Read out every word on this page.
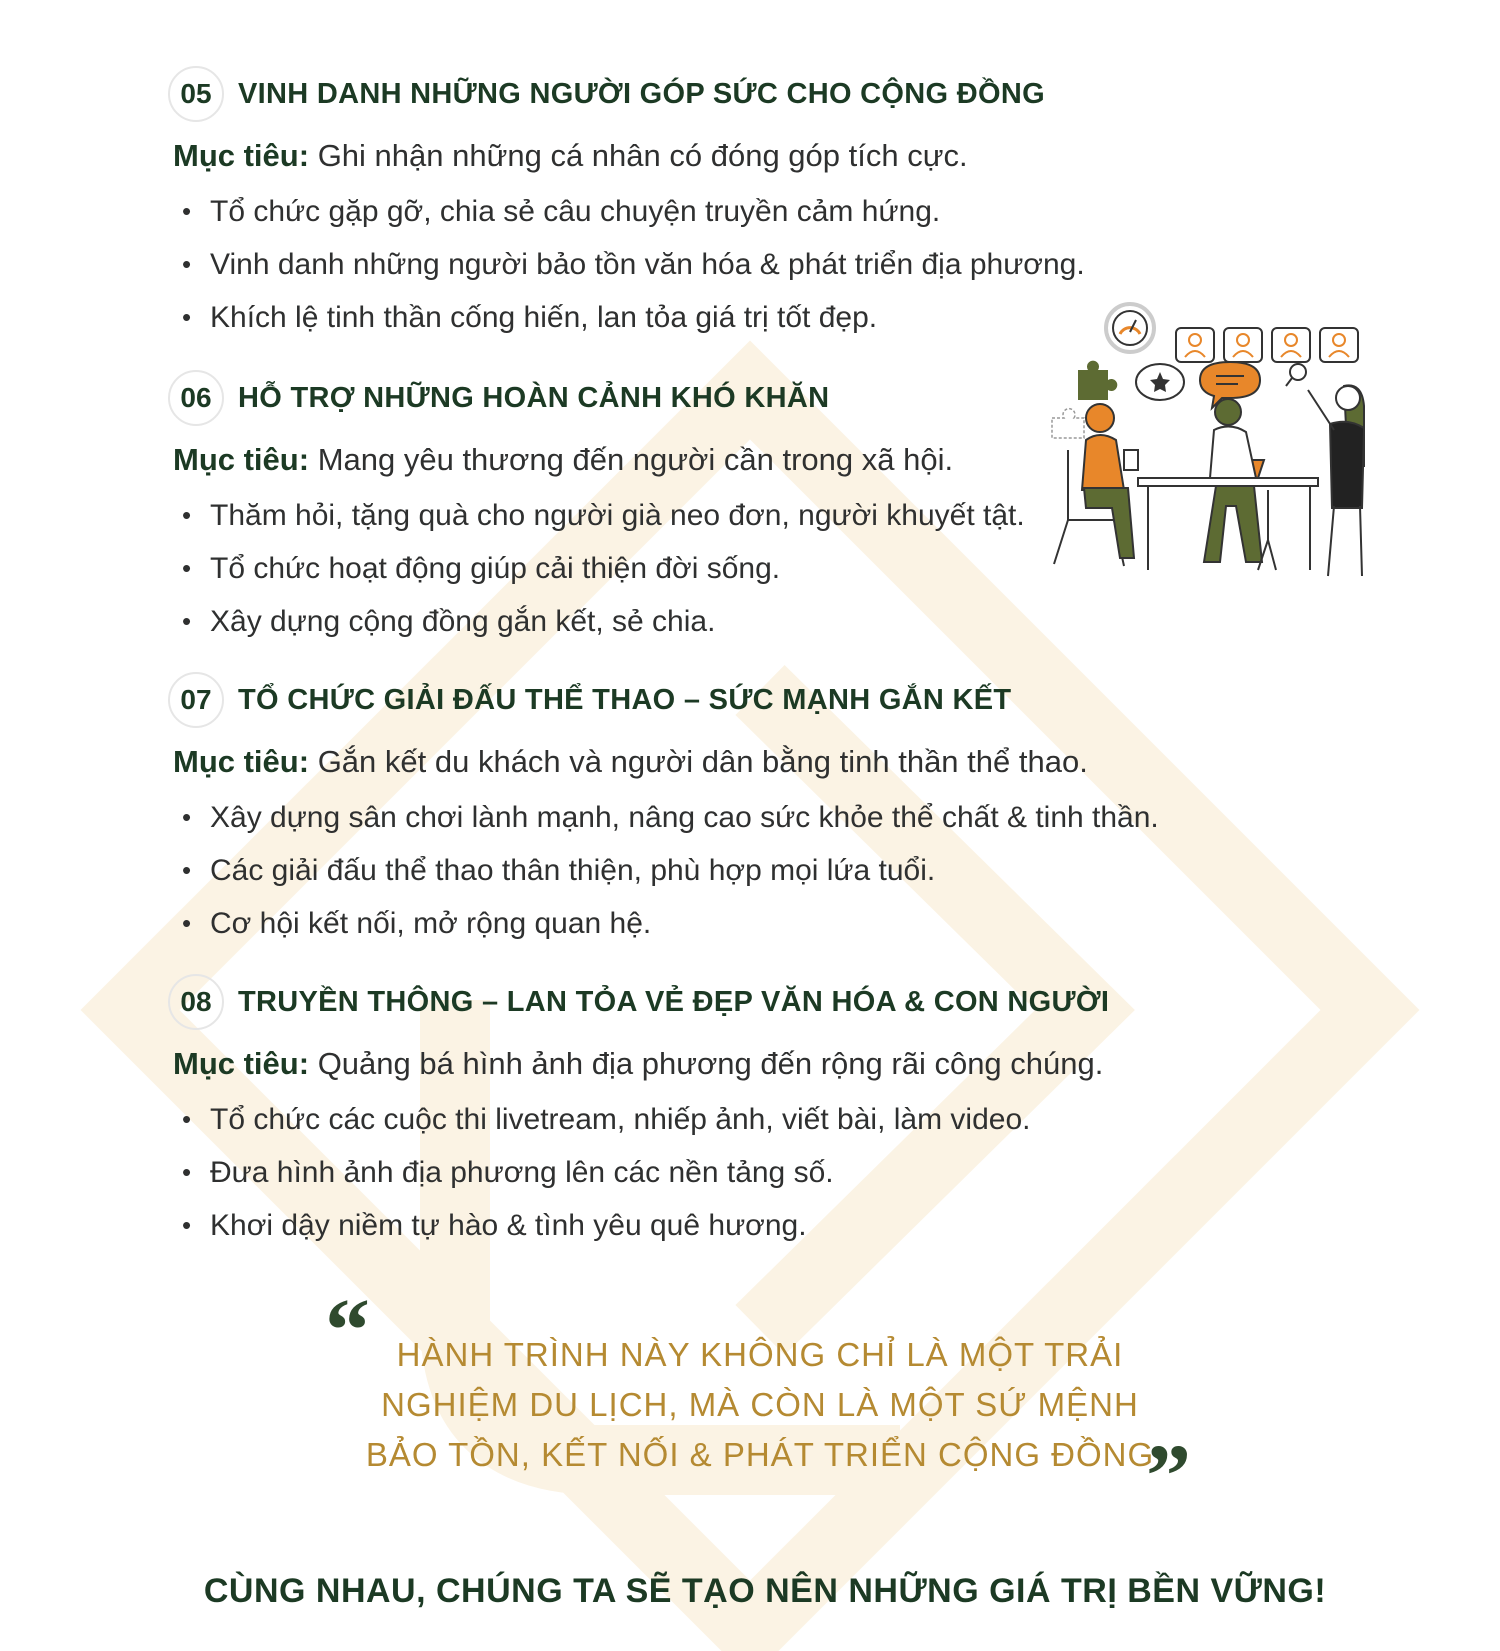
05 VINH DANH NHỮNG NGƯỜI GÓP SỨC CHO CỘNG ĐỒNG
Mục tiêu: Ghi nhận những cá nhân có đóng góp tích cực.
• Tổ chức gặp gỡ, chia sẻ câu chuyện truyền cảm hứng.
• Vinh danh những người bảo tồn văn hóa & phát triển địa phương.
• Khích lệ tinh thần cống hiến, lan tỏa giá trị tốt đẹp.
06 HỖ TRỢ NHỮNG HOÀN CẢNH KHÓ KHĂN
Mục tiêu: Mang yêu thương đến người cần trong xã hội.
• Thăm hỏi, tặng quà cho người già neo đơn, người khuyết tật.
• Tổ chức hoạt động giúp cải thiện đời sống.
• Xây dựng cộng đồng gắn kết, sẻ chia.
07 TỔ CHỨC GIẢI ĐẤU THỂ THAO – SỨC MẠNH GẮN KẾT
Mục tiêu: Gắn kết du khách và người dân bằng tinh thần thể thao.
• Xây dựng sân chơi lành mạnh, nâng cao sức khỏe thể chất & tinh thần.
• Các giải đấu thể thao thân thiện, phù hợp mọi lứa tuổi.
• Cơ hội kết nối, mở rộng quan hệ.
08 TRUYỀN THÔNG – LAN TỎA VẺ ĐẸP VĂN HÓA & CON NGƯỜI
Mục tiêu: Quảng bá hình ảnh địa phương đến rộng rãi công chúng.
• Tổ chức các cuộc thi livetream, nhiếp ảnh, viết bài, làm video.
• Đưa hình ảnh địa phương lên các nền tảng số.
• Khơi dậy niềm tự hào & tình yêu quê hương.
“ HÀNH TRÌNH NÀY KHÔNG CHỈ LÀ MỘT TRẢI
NGHIỆM DU LỊCH, MÀ CÒN LÀ MỘT SỨ MỆNH
BẢO TỒN, KẾT NỐI & PHÁT TRIỂN CỘNG ĐỒNG
”
CÙNG NHAU, CHÚNG TA SẼ TẠO NÊN NHỮNG GIÁ TRỊ BỀN VỮNG!
